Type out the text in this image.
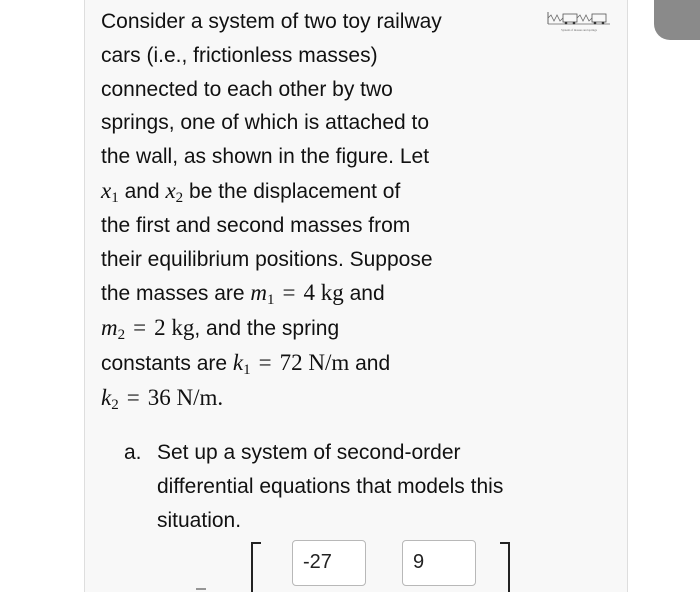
System of masses and springs
Consider a system of two toy railway
cars (i.e., frictionless masses)
connected to each other by two
springs, one of which is attached to
the wall, as shown in the figure. Let
$x_1$ and $x_2$ be the displacement of
the first and second masses from
their equilibrium positions. Suppose
the masses are $m_1 = 4$ kg and
$m_2 = 2$ kg, and the spring
constants are $k_1 = 72$ N/m and
$k_2 = 36$ N/m.
a. Set up a system of second-order
differential equations that models this
situation.
-27	9
